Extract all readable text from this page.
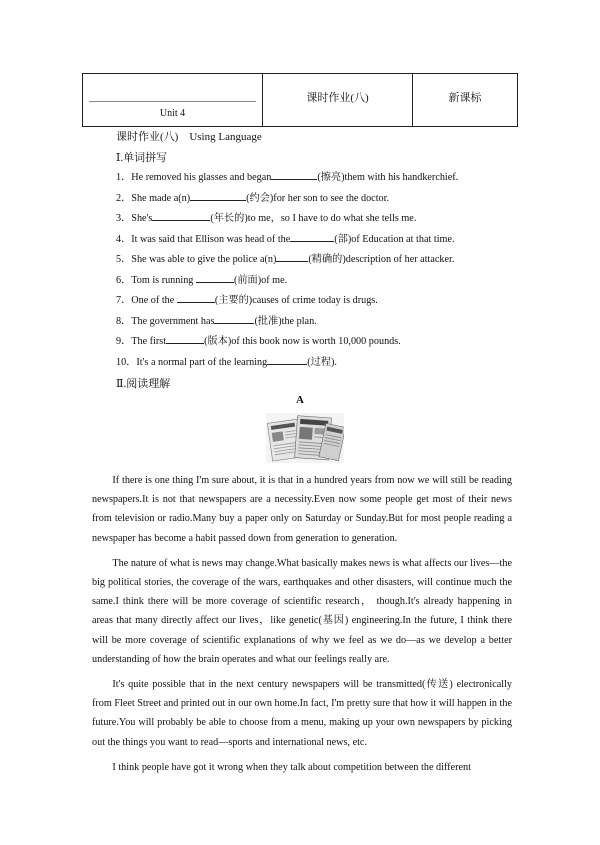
Unit 4
课时作业(八)	新课标
课时作业(八)    Using Language
Ⅰ.单词拼写
1．He removed his glasses and began	(擦亮)them with his handkerchief.
2．She made a(n)	(约会)for her son to see the doctor.
3．She's	(年长的)to me，so I have to do what she tells me.
4．It was said that Ellison was head of the	(部)of Education at that time.
5．She was able to give the police a(n)	(精确的)description of her attacker.
6．Tom is running	(前面)of me.
7．One of the	(主要的)causes of crime today is drugs.
8．The government has	(批准)the plan.
9．The first	(版本)of this book now is worth 10,000 pounds.
10．It's a normal part of the learning	(过程).
Ⅱ.阅读理解
A

If there is one thing I'm sure about, it is that in a hundred years from now we will still be reading newspapers.It is not that newspapers are a necessity.Even now some people get most of their news from television or radio.Many buy a paper only on Saturday or Sunday.But for most people reading a newspaper has become a habit passed down from generation to generation.

The nature of what is news may change.What basically makes news is what affects our lives—the big political stories, the coverage of the wars, earthquakes and other disasters, will continue much the same.I think there will be more coverage of scientific research， though.It's already happening in areas that many directly affect our lives，like genetic(基因) engineering.In the future, I think there will be more coverage of scientific explanations of why we feel as we do—as we develop a better understanding of how the brain operates and what our feelings really are.

It's quite possible that in the next century newspapers will be transmitted(传送) electronically from Fleet Street and printed out in our own home.In fact, I'm pretty sure that how it will happen in the future.You will probably be able to choose from a menu, making up your own newspapers by picking out the things you want to read—sports and international news, etc.

I think people have got it wrong when they talk about competition between the different
